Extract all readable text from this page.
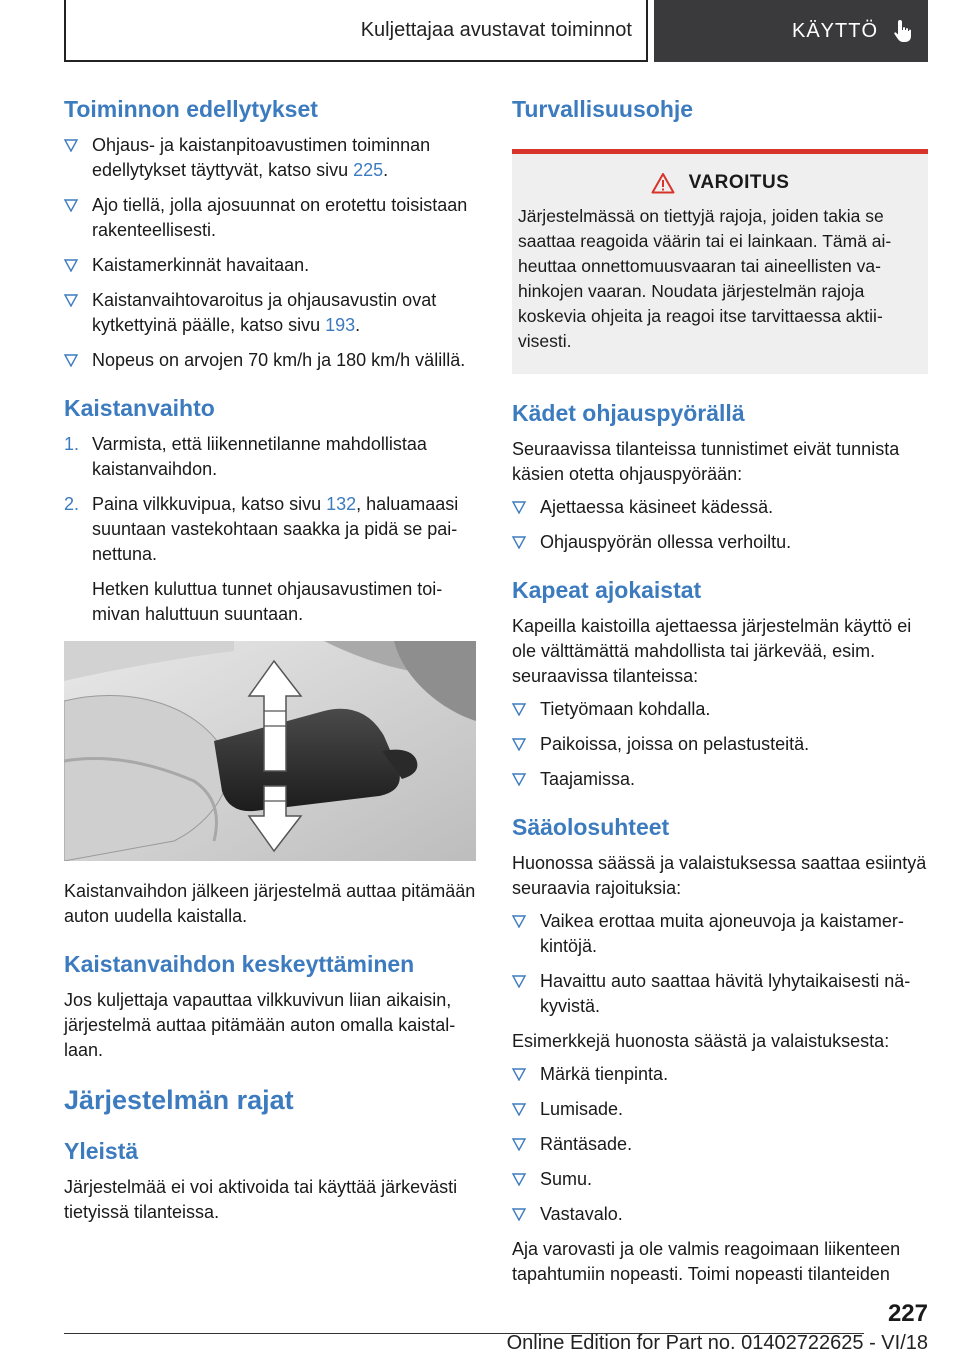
Kuljettajaa avustavat toiminnot	KÄYTTÖ
Toiminnon edellytykset
Ohjaus- ja kaistanpitoavustimen toiminnan edellytykset täyttyvät, katso sivu 225.
Ajo tiellä, jolla ajosuunnat on erotettu toisistaan rakenteellisesti.
Kaistamerkinnät havaitaan.
Kaistanvaihtovaroitus ja ohjausavustin ovat kytkettyinä päälle, katso sivu 193.
Nopeus on arvojen 70 km/h ja 180 km/h välillä.
Kaistanvaihto
1. Varmista, että liikennetilanne mahdollistaa kaistanvaihdon.
2. Paina vilkkuvipua, katso sivu 132, haluamaasi suuntaan vastekohtaan saakka ja pidä se painettuna.

Hetken kuluttua tunnet ohjausavustimen toimivan haluttuun suuntaan.

Kaistanvaihdon jälkeen järjestelmä auttaa pitämään auton uudella kaistalla.

Kaistanvaihdon keskeyttäminen

Jos kuljettaja vapauttaa vilkkuvivun liian aikaisin, järjestelmä auttaa pitämään auton omalla kaistallaan.

Järjestelmän rajat
Yleistä

Järjestelmää ei voi aktivoida tai käyttää järkevästi tietyissä tilanteissa.

Turvallisuusohje
VAROITUS
Järjestelmässä on tiettyjä rajoja, joiden takia se saattaa reagoida väärin tai ei lainkaan. Tämä aiheuttaa onnettomuusvaaran tai aineellisten vahinkojen vaaran. Noudata järjestelmän rajoja koskevia ohjeita ja reagoi itse tarvittaessa aktiivisesti.
Kädet ohjauspyörällä

Seuraavissa tilanteissa tunnistimet eivät tunnista käsien otetta ohjauspyörään:

Ajettaessa käsineet kädessä.
Ohjauspyörän ollessa verhoiltu.
Kapeat ajokaistat

Kapeilla kaistoilla ajettaessa järjestelmän käyttö ei ole välttämättä mahdollista tai järkevää, esim. seuraavissa tilanteissa:

Tietyömaan kohdalla.
Paikoissa, joissa on pelastusteitä.
Taajamissa.
Sääolosuhteet

Huonossa säässä ja valaistuksessa saattaa esiintyä seuraavia rajoituksia:

Vaikea erottaa muita ajoneuvoja ja kaistamerkintöjä.
Havaittu auto saattaa hävitä lyhytaikaisesti näkyvistä.

Esimerkkejä huonosta säästä ja valaistuksesta:

Märkä tienpinta.
Lumisade.
Räntäsade.
Sumu.
Vastavalo.

Aja varovasti ja ole valmis reagoimaan liikenteen tapahtumiin nopeasti. Toimi nopeasti tilanteiden

227
Online Edition for Part no. 01402722625 - VI/18
